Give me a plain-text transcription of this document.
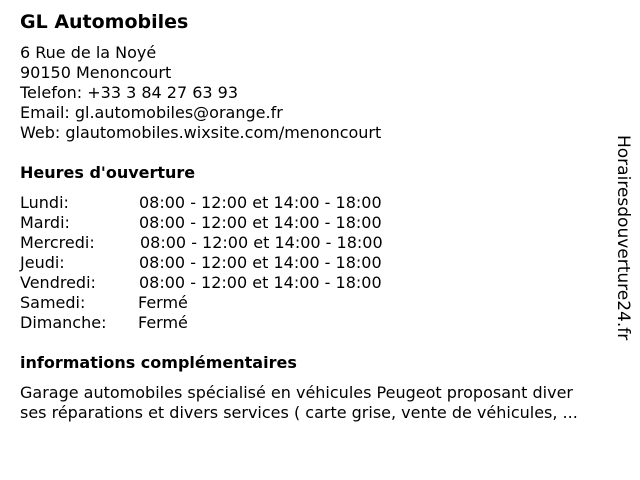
GL Automobiles
6 Rue de la Noyé
90150 Menoncourt
Telefon: +33 3 84 27 63 93
Email: gl.automobiles@orange.fr
Web: glautomobiles.wixsite.com/menoncourt
Heures d'ouverture
Lundi:	08:00 - 12:00 et 14:00 - 18:00
Mardi:	08:00 - 12:00 et 14:00 - 18:00
Mercredi:	08:00 - 12:00 et 14:00 - 18:00
Jeudi:	08:00 - 12:00 et 14:00 - 18:00
Vendredi:	08:00 - 12:00 et 14:00 - 18:00
Samedi:	Fermé
Dimanche: Fermé
informations complémentaires
Garage automobiles spécialisé en véhicules Peugeot proposant diver
ses réparations et divers services ( carte grise, vente de véhicules, ...
Horairesdouverture24.fr
